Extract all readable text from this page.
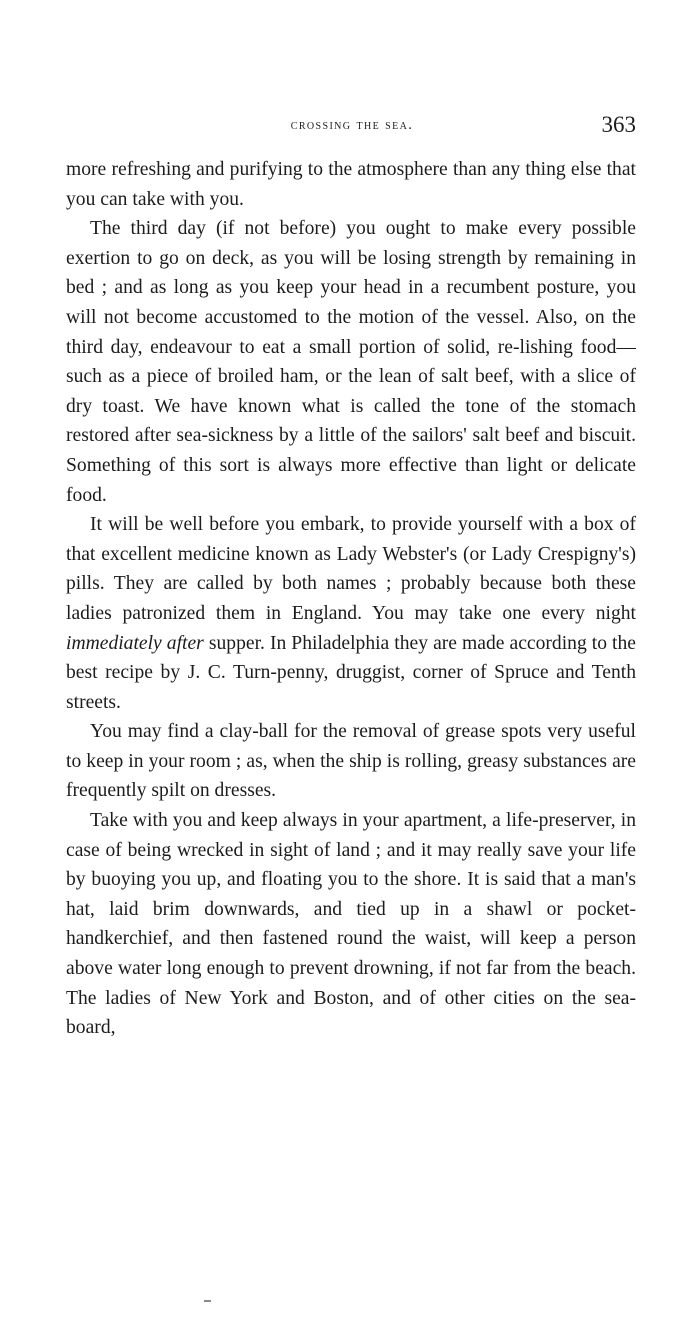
crossing the sea.	363

more refreshing and purifying to the atmosphere than any thing else that you can take with you.

The third day (if not before) you ought to make every possible exertion to go on deck, as you will be losing strength by remaining in bed ; and as long as you keep your head in a recumbent posture, you will not become accustomed to the motion of the vessel. Also, on the third day, endeavour to eat a small portion of solid, re-lishing food—such as a piece of broiled ham, or the lean of salt beef, with a slice of dry toast. We have known what is called the tone of the stomach restored after sea-sickness by a little of the sailors' salt beef and biscuit. Something of this sort is always more effective than light or delicate food.

It will be well before you embark, to provide yourself with a box of that excellent medicine known as Lady Webster's (or Lady Crespigny's) pills. They are called by both names ; probably because both these ladies patronized them in England. You may take one every night immediately after supper. In Philadelphia they are made according to the best recipe by J. C. Turn-penny, druggist, corner of Spruce and Tenth streets.

You may find a clay-ball for the removal of grease spots very useful to keep in your room ; as, when the ship is rolling, greasy substances are frequently spilt on dresses.

Take with you and keep always in your apartment, a life-preserver, in case of being wrecked in sight of land ; and it may really save your life by buoying you up, and floating you to the shore. It is said that a man's hat, laid brim downwards, and tied up in a shawl or pocket-handkerchief, and then fastened round the waist, will keep a person above water long enough to prevent drowning, if not far from the beach. The ladies of New York and Boston, and of other cities on the sea-board,
